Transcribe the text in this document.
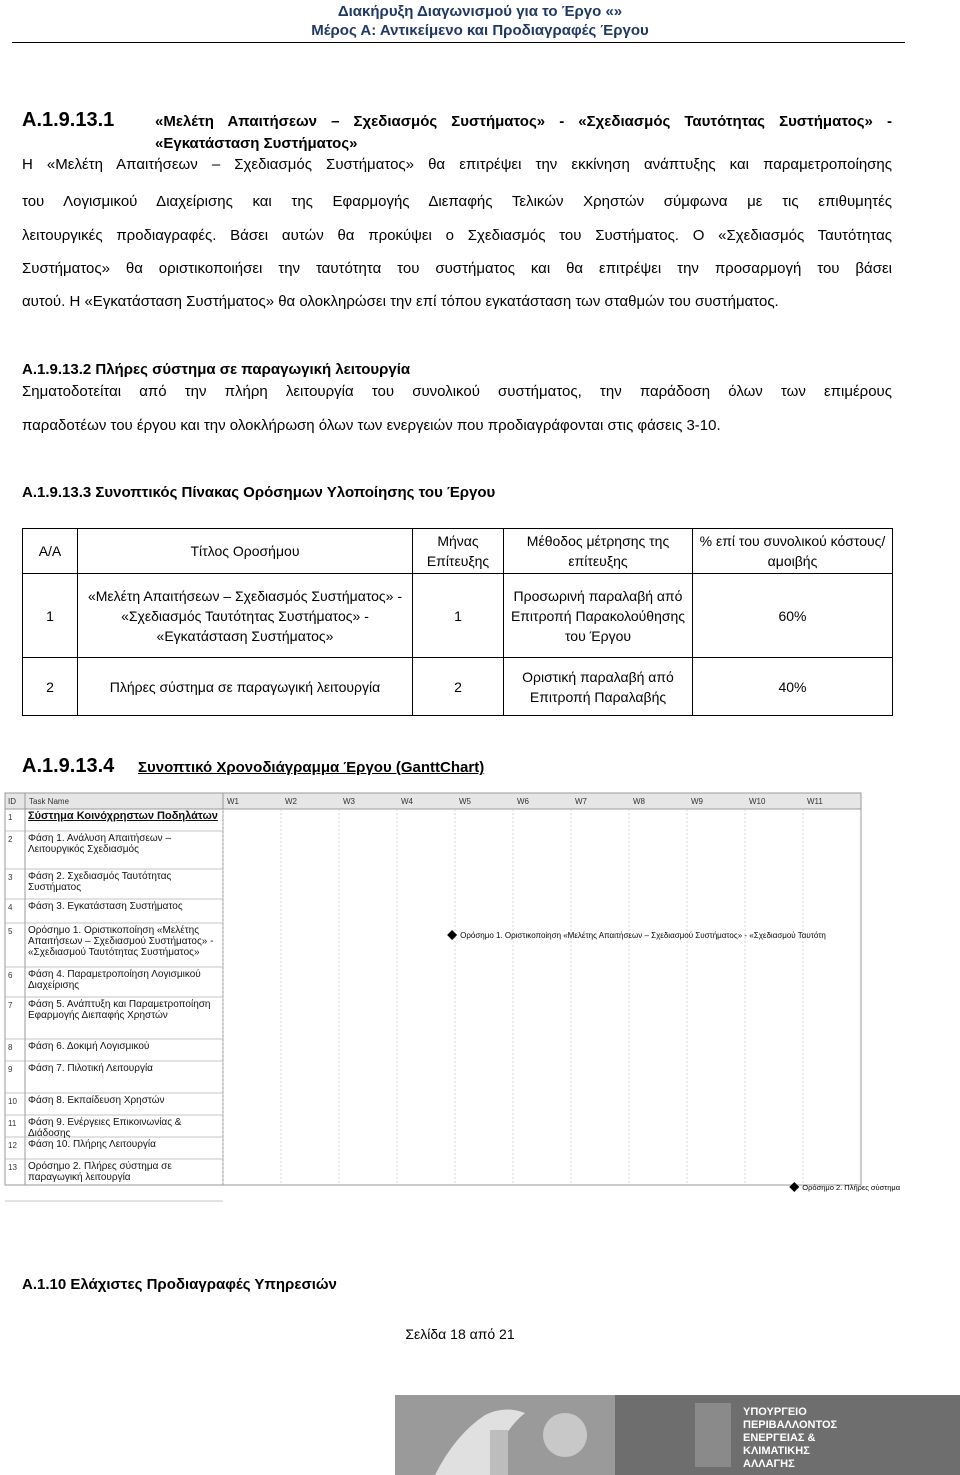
Διακήρυξη Διαγωνισμού για το Έργο «»
Μέρος Α: Αντικείμενο και Προδιαγραφές Έργου
Α.1.9.13.1	«Μελέτη Απαιτήσεων – Σχεδιασμός Συστήματος» - «Σχεδιασμός Ταυτότητας Συστήματος» -
«Εγκατάσταση Συστήματος»
Η «Μελέτη Απαιτήσεων – Σχεδιασμός Συστήματος» θα επιτρέψει την εκκίνηση ανάπτυξης και παραμετροποίησης
του Λογισμικού Διαχείρισης και της Εφαρμογής Διεπαφής Τελικών Χρηστών σύμφωνα με τις επιθυμητές
λειτουργικές προδιαγραφές. Βάσει αυτών θα προκύψει ο Σχεδιασμός του Συστήματος. Ο «Σχεδιασμός Ταυτότητας
Συστήματος» θα οριστικοποιήσει την ταυτότητα του συστήματος και θα επιτρέψει την προσαρμογή του βάσει
αυτού. Η «Εγκατάσταση Συστήματος» θα ολοκληρώσει την επί τόπου εγκατάσταση των σταθμών του συστήματος.
Α.1.9.13.2 Πλήρες σύστημα σε παραγωγική λειτουργία
Σηματοδοτείται από την πλήρη λειτουργία του συνολικού συστήματος, την παράδοση όλων των επιμέρους
παραδοτέων του έργου και την ολοκλήρωση όλων των ενεργειών που προδιαγράφονται στις φάσεις 3-10.
Α.1.9.13.3 Συνοπτικός Πίνακας Ορόσημων Υλοποίησης του Έργου
Α/Α	Τίτλος Οροσήμου	Μήνας Επίτευξης	Μέθοδος μέτρησης της επίτευξης	% επί του συνολικού κόστους/ αμοιβής
1	«Μελέτη Απαιτήσεων – Σχεδιασμός Συστήματος» - «Σχεδιασμός Ταυτότητας Συστήματος» - «Εγκατάσταση Συστήματος»	1	Προσωρινή παραλαβή από Επιτροπή Παρακολούθησης του Έργου	60%
2	Πλήρες σύστημα σε παραγωγική λειτουργία	2	Οριστική παραλαβή από Επιτροπή Παραλαβής	40%
Α.1.9.13.4 Συνοπτικό Χρονοδιάγραμμα Έργου (GanttChart)
ID Task Name	W1	W2	W3	W4	W5	W6	W7	W8	W9	W10	W11
1 Σύστημα Κοινόχρηστων Ποδηλάτων
2 Φάση 1. Ανάλυση Απαιτήσεων – Λειτουργικός Σχεδιασμός
3 Φάση 2. Σχεδιασμός Ταυτότητας Συστήματος
4 Φάση 3. Εγκατάσταση Συστήματος
5 Ορόσημο 1. Οριστικοποίηση «Μελέτης Απαιτήσεων – Σχεδιασμού Συστήματος» - «Σχεδιασμού Ταυτότητας Συστήματος»
6 Φάση 4. Παραμετροποίηση Λογισμικού Διαχείρισης
7 Φάση 5. Ανάπτυξη και Παραμετροποίηση Εφαρμογής Διεπαφής Χρηστών
8 Φάση 6. Δοκιμή Λογισμικού
9 Φάση 7. Πιλοτική Λειτουργία
10 Φάση 8. Εκπαίδευση Χρηστών
11 Φάση 9. Ενέργειες Επικοινωνίας & Διάδοσης
12 Φάση 10. Πλήρης Λειτουργία
13 Ορόσημο 2. Πλήρες σύστημα σε παραγωγική λειτουργία
Ορόσημο 1. Οριστικοποίηση «Μελέτης Απαιτήσεων – Σχεδιασμού Συστήματος» - «Σχεδιασμού Ταυτότη
Ορόσημο 2. Πλήρες σύστημα
Α.1.10 Ελάχιστες Προδιαγραφές Υπηρεσιών
Σελίδα 18 από 21
ΥΠΟΥΡΓΕΙΟ
ΠΕΡΙΒΑΛΛΟΝΤΟΣ
ΕΝΕΡΓΕΙΑΣ &
ΚΛΙΜΑΤΙΚΗΣ
ΑΛΛΑΓΗΣ
